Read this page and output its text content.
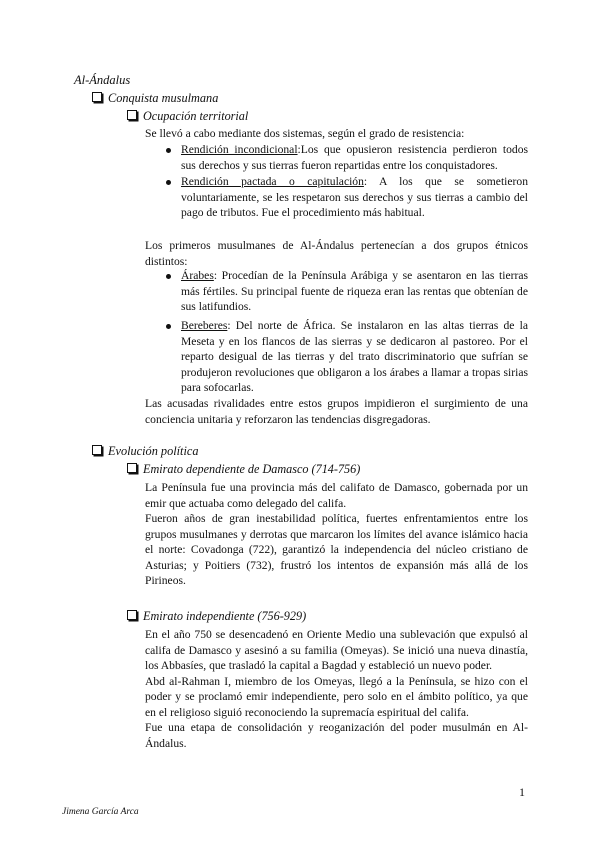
Al-Ándalus
Conquista musulmana
Ocupación territorial

Se llevó a cabo mediante dos sistemas, según el grado de resistencia:

Rendición incondicional:Los que opusieron resistencia perdieron todos sus derechos y sus tierras fueron repartidas entre los conquistadores.
Rendición pactada o capitulación: A los que se sometieron voluntariamente, se les respetaron sus derechos y sus tierras a cambio del pago de tributos. Fue el procedimiento más habitual.

Los primeros musulmanes de Al-Ándalus pertenecían a dos grupos étnicos distintos:

Árabes: Procedían de la Península Arábiga y se asentaron en las tierras más fértiles. Su principal fuente de riqueza eran las rentas que obtenían de sus latifundios.
Bereberes: Del norte de África. Se instalaron en las altas tierras de la Meseta y en los flancos de las sierras y se dedicaron al pastoreo. Por el reparto desigual de las tierras y del trato discriminatorio que sufrían se produjeron revoluciones que obligaron a los árabes a llamar a tropas sirias para sofocarlas.

Las acusadas rivalidades entre estos grupos impidieron el surgimiento de una conciencia unitaria y reforzaron las tendencias disgregadoras.

Evolución política
Emirato dependiente de Damasco (714-756)

La Península fue una provincia más del califato de Damasco, gobernada por un emir que actuaba como delegado del califa.

Fueron años de gran inestabilidad política, fuertes enfrentamientos entre los grupos musulmanes y derrotas que marcaron los límites del avance islámico hacia el norte: Covadonga (722), garantizó la independencia del núcleo cristiano de Asturias; y Poitiers (732), frustró los intentos de expansión más allá de los Pirineos.

Emirato independiente (756-929)

En el año 750 se desencadenó en Oriente Medio una sublevación que expulsó al califa de Damasco y asesinó a su familia (Omeyas). Se inició una nueva dinastía, los Abbasíes, que trasladó la capital a Bagdad y estableció un nuevo poder.

Abd al-Rahman I, miembro de los Omeyas, llegó a la Península, se hizo con el poder y se proclamó emir independiente, pero solo en el ámbito político, ya que en el religioso siguió reconociendo la supremacía espiritual del califa.

Fue una etapa de consolidación y reoganización del poder musulmán en Al-Ándalus.

1
Jimena García Arca
